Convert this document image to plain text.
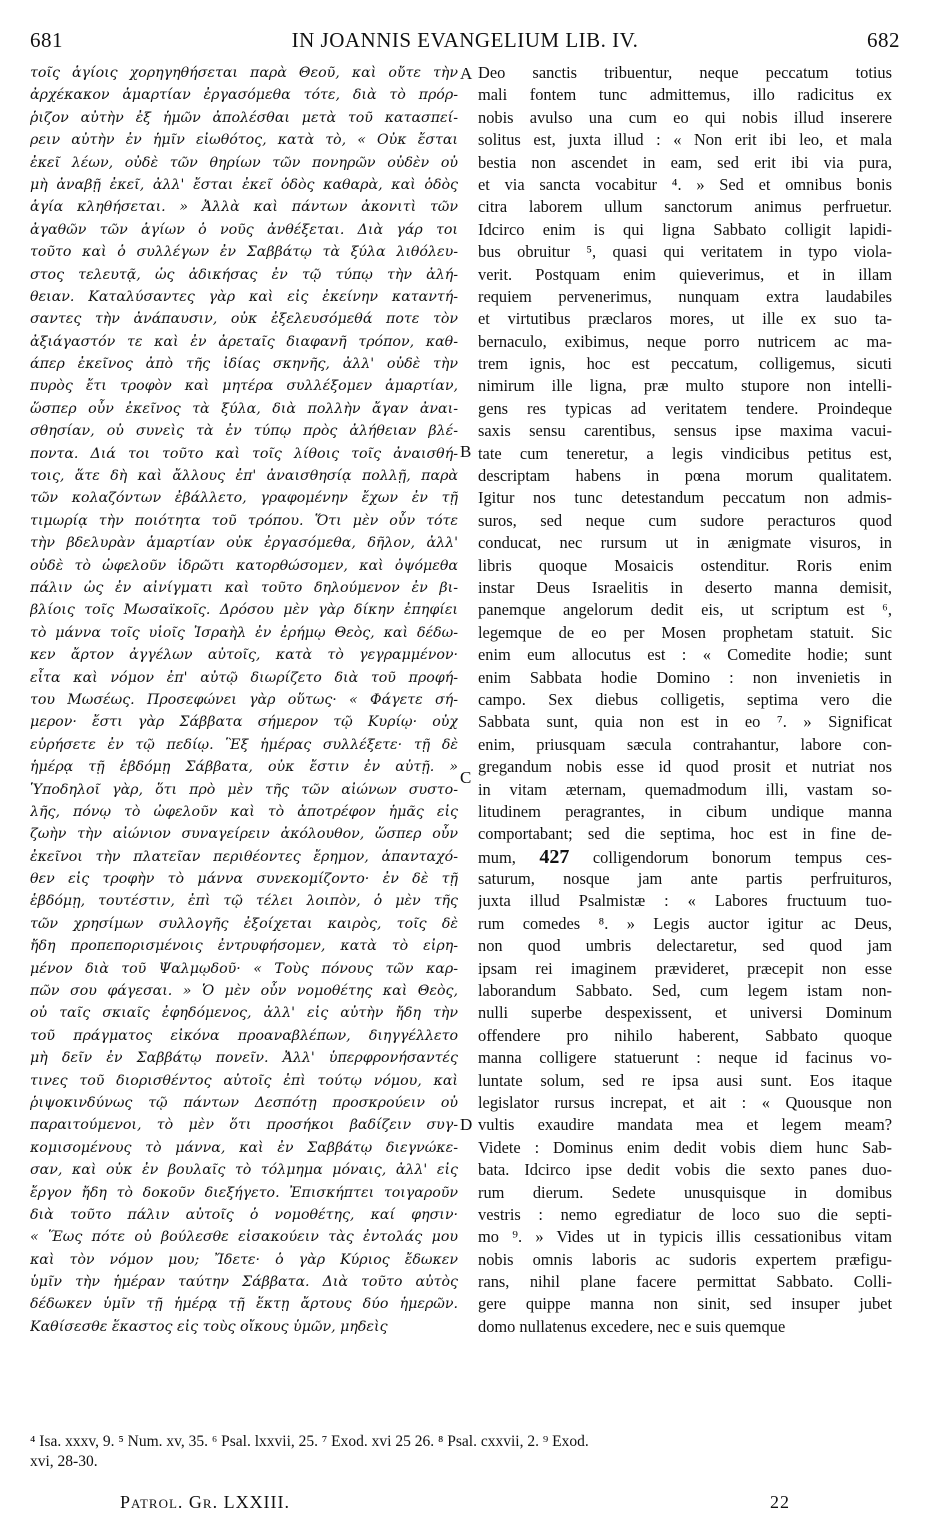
681	IN JOANNIS EVANGELIUM LIB. IV.	682
τοῖς ἁγίοις χορηγηθήσεται παρὰ Θεοῦ, καὶ οὔτε τὴν
ἀρχέκακον ἁμαρτίαν ἐργασόμεθα τότε, διὰ τὸ πρόρ-
ῥιζον αὐτὴν ἐξ ἡμῶν ἀπολέσθαι μετὰ τοῦ κατασπεί-
ρειν αὐτὴν ἐν ἡμῖν εἰωθότος, κατὰ τὸ, « Οὐκ ἔσται
ἐκεῖ λέων, οὐδὲ τῶν θηρίων τῶν πονηρῶν οὐδὲν οὐ
μὴ ἀναβῇ ἐκεῖ, ἀλλ' ἔσται ἐκεῖ ὁδὸς καθαρὰ, καὶ ὁδὸς
ἁγία κληθήσεται. » Ἀλλὰ καὶ πάντων ἀκονιτὶ τῶν
ἀγαθῶν τῶν ἁγίων ὁ νοῦς ἀνθέξεται. Διὰ γάρ τοι
τοῦτο καὶ ὁ συλλέγων ἐν Σαββάτῳ τὰ ξύλα λιθόλευ-
στος τελευτᾷ, ὡς ἀδικήσας ἐν τῷ τύπῳ τὴν ἀλή-
θειαν. Καταλύσαντες γὰρ καὶ εἰς ἐκείνην καταντή-
σαντες τὴν ἀνάπαυσιν, οὐκ ἐξελευσόμεθά ποτε τὸν
ἀξιάγαστόν τε καὶ ἐν ἀρεταῖς διαφανῆ τρόπον, καθ-
άπερ ἐκεῖνος ἀπὸ τῆς ἰδίας σκηνῆς, ἀλλ' οὐδὲ τὴν
πυρὸς ἔτι τροφὸν καὶ μητέρα συλλέξομεν ἁμαρτίαν,
ὥσπερ οὖν ἐκεῖνος τὰ ξύλα, διὰ πολλὴν ἄγαν ἀναι-
σθησίαν, οὐ συνεὶς τὰ ἐν τύπῳ πρὸς ἀλήθειαν βλέ-
ποντα. Διά τοι τοῦτο καὶ τοῖς λίθοις τοῖς ἀναισθή-
τοις, ἅτε δὴ καὶ ἄλλους ἐπ' ἀναισθησίᾳ πολλῇ, παρὰ
τῶν κολαζόντων ἐβάλλετο, γραφομένην ἔχων ἐν τῇ
τιμωρίᾳ τὴν ποιότητα τοῦ τρόπου. Ὅτι μὲν οὖν τότε
τὴν βδελυρὰν ἁμαρτίαν οὐκ ἐργασόμεθα, δῆλον, ἀλλ'
οὐδὲ τὸ ὠφελοῦν ἱδρῶτι κατορθώσομεν, καὶ ὀψόμεθα
πάλιν ὡς ἐν αἰνίγματι καὶ τοῦτο δηλούμενον ἐν βι-
βλίοις τοῖς Μωσαϊκοῖς. Δρόσου μὲν γὰρ δίκην ἐπηφίει
τὸ μάννα τοῖς υἱοῖς Ἰσραὴλ ἐν ἐρήμῳ Θεὸς, καὶ δέδω-
κεν ἄρτον ἀγγέλων αὐτοῖς, κατὰ τὸ γεγραμμένον·
εἶτα καὶ νόμον ἐπ' αὐτῷ διωρίζετο διὰ τοῦ προφή-
του Μωσέως. Προσεφώνει γὰρ οὕτως· « Φάγετε σή-
μερον· ἔστι γὰρ Σάββατα σήμερον τῷ Κυρίῳ· οὐχ
εὑρήσετε ἐν τῷ πεδίῳ. Ἓξ ἡμέρας συλλέξετε· τῇ δὲ
ἡμέρᾳ τῇ ἑβδόμῃ Σάββατα, οὐκ ἔστιν ἐν αὐτῇ. »
Ὑποδηλοῖ γὰρ, ὅτι πρὸ μὲν τῆς τῶν αἰώνων συστο-
λῆς, πόνῳ τὸ ὠφελοῦν καὶ τὸ ἀποτρέφον ἡμᾶς εἰς
ζωὴν τὴν αἰώνιον συναγείρειν ἀκόλουθον, ὥσπερ οὖν
ἐκεῖνοι τὴν πλατεῖαν περιθέοντες ἔρημον, ἁπανταχό-
θεν εἰς τροφὴν τὸ μάννα συνεκομίζοντο· ἐν δὲ τῇ
ἑβδόμῃ, τουτέστιν, ἐπὶ τῷ τέλει λοιπὸν, ὁ μὲν τῆς
τῶν χρησίμων συλλογῆς ἐξοίχεται καιρὸς, τοῖς δὲ
ἤδη προπεπορισμένοις ἐντρυφήσομεν, κατὰ τὸ εἰρη-
μένον διὰ τοῦ Ψαλμῳδοῦ· « Τοὺς πόνους τῶν καρ-
πῶν σου φάγεσαι. » Ὁ μὲν οὖν νομοθέτης καὶ Θεὸς,
οὐ ταῖς σκιαῖς ἐφηδόμενος, ἀλλ' εἰς αὐτὴν ἤδη τὴν
τοῦ πράγματος εἰκόνα προαναβλέπων, διηγγέλλετο
μὴ δεῖν ἐν Σαββάτῳ πονεῖν. Ἀλλ' ὑπερφρονήσαντές
τινες τοῦ διορισθέντος αὐτοῖς ἐπὶ τούτῳ νόμου, καὶ
ῥιψοκινδύνως τῷ πάντων Δεσπότῃ προσκρούειν οὐ
παραιτούμενοι, τὸ μὲν ὅτι προσήκοι βαδίζειν συγ-
κομισομένους τὸ μάννα, καὶ ἐν Σαββάτῳ διεγνώκε-
σαν, καὶ οὐκ ἐν βουλαῖς τὸ τόλμημα μόναις, ἀλλ' εἰς
ἔργον ἤδη τὸ δοκοῦν διεξήγετο. Ἐπισκήπτει τοιγαροῦν
διὰ τοῦτο πάλιν αὐτοῖς ὁ νομοθέτης, καί φησιν·
« Ἕως πότε οὐ βούλεσθε εἰσακούειν τὰς ἐντολάς μου
καὶ τὸν νόμον μου; Ἴδετε· ὁ γὰρ Κύριος ἔδωκεν
ὑμῖν τὴν ἡμέραν ταύτην Σάββατα. Διὰ τοῦτο αὐτὸς
δέδωκεν ὑμῖν τῇ ἡμέρᾳ τῇ ἕκτῃ ἄρτους δύο ἡμερῶν.
Καθίσεσθε ἕκαστος εἰς τοὺς οἴκους ὑμῶν, μηδεὶς
A
B
C
D
Deo sanctis tribuentur, neque peccatum totius
mali fontem tunc admittemus, illo radicitus ex
nobis avulso una cum eo qui nobis illud inserere
solitus est, juxta illud : « Non erit ibi leo, et mala
bestia non ascendet in eam, sed erit ibi via pura,
et via sancta vocabitur ⁴. » Sed et omnibus bonis
citra laborem ullum sanctorum animus perfruetur.
Idcirco enim is qui ligna Sabbato colligit lapidi-
bus obruitur ⁵, quasi qui veritatem in typo viola-
verit. Postquam enim quieverimus, et in illam
requiem pervenerimus, nunquam extra laudabiles
et virtutibus præclaros mores, ut ille ex suo ta-
bernaculo, exibimus, neque porro nutricem ac ma-
trem ignis, hoc est peccatum, colligemus, sicuti
nimirum ille ligna, præ multo stupore non intelli-
gens res typicas ad veritatem tendere. Proindeque
saxis sensu carentibus, sensus ipse maxima vacui-
tate cum teneretur, a legis vindicibus petitus est,
descriptam habens in pœna morum qualitatem.
Igitur nos tunc detestandum peccatum non admis-
suros, sed neque cum sudore peracturos quod
conducat, nec rursum ut in ænigmate visuros, in
libris quoque Mosaicis ostenditur. Roris enim
instar Deus Israelitis in deserto manna demisit,
panemque angelorum dedit eis, ut scriptum est ⁶,
legemque de eo per Mosen prophetam statuit. Sic
enim eum allocutus est : « Comedite hodie; sunt
enim Sabbata hodie Domino : non invenietis in
campo. Sex diebus colligetis, septima vero die
Sabbata sunt, quia non est in eo ⁷. » Significat
enim, priusquam sæcula contrahantur, labore con-
gregandum nobis esse id quod prosit et nutriat nos
in vitam æternam, quemadmodum illi, vastam so-
litudinem peragrantes, in cibum undique manna
comportabant; sed die septima, hoc est in fine de-
mum, 427 colligendorum bonorum tempus ces-
saturum, nosque jam ante partis perfruituros,
juxta illud Psalmistæ : « Labores fructuum tuo-
rum comedes ⁸. » Legis auctor igitur ac Deus,
non quod umbris delectaretur, sed quod jam
ipsam rei imaginem prævideret, præcepit non esse
laborandum Sabbato. Sed, cum legem istam non-
nulli superbe despexissent, et universi Dominum
offendere pro nihilo haberent, Sabbato quoque
manna colligere statuerunt : neque id facinus vo-
luntate solum, sed re ipsa ausi sunt. Eos itaque
legislator rursus increpat, et ait : « Quousque non
vultis exaudire mandata mea et legem meam?
Videte : Dominus enim dedit vobis diem hunc Sab-
bata. Idcirco ipse dedit vobis die sexto panes duo-
rum dierum. Sedete unusquisque in domibus
vestris : nemo egrediatur de loco suo die septi-
mo ⁹. » Vides ut in typicis illis cessationibus vitam
nobis omnis laboris ac sudoris expertem præfigu-
rans, nihil plane facere permittat Sabbato. Colli-
gere quippe manna non sinit, sed insuper jubet
domo nullatenus excedere, nec e suis quemque
⁴ Isa. xxxv, 9. ⁵ Num. xv, 35. ⁶ Psal. lxxvii, 25. ⁷ Exod. xvi 25 26. ⁸ Psal. cxxvii, 2. ⁹ Exod.
xvi, 28-30.
Patrol. Gr. LXXIII.	22
